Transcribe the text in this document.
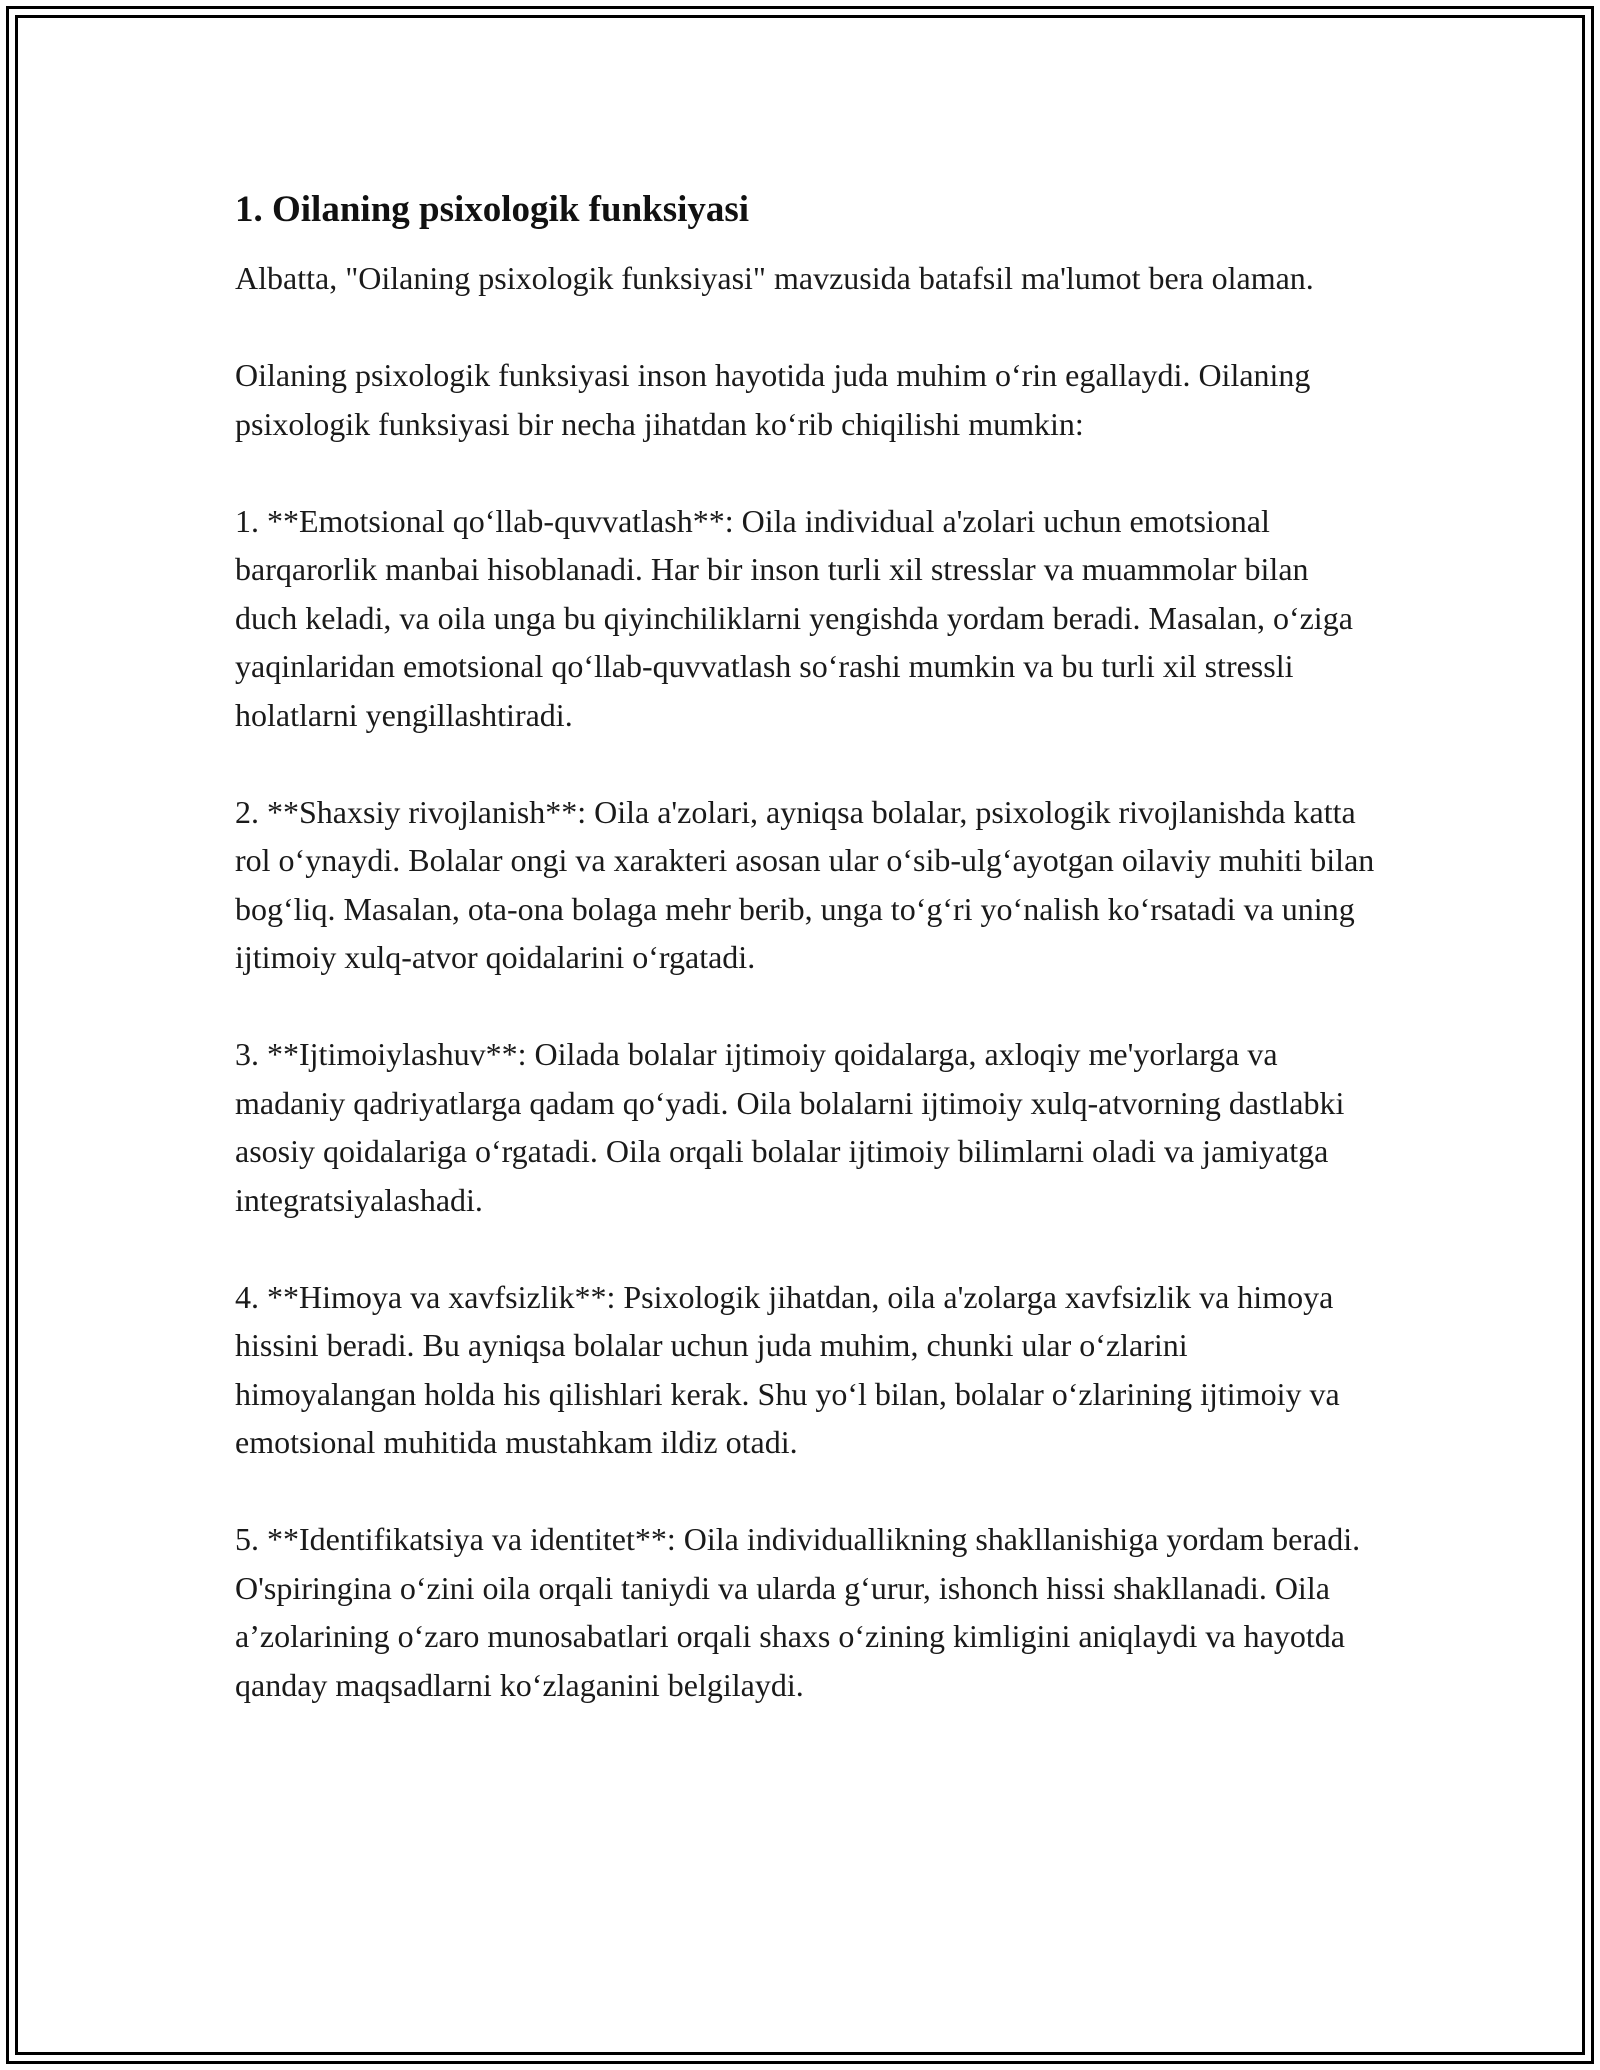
1. Oilaning psixologik funksiyasi

Albatta, "Oilaning psixologik funksiyasi" mavzusida batafsil ma'lumot bera olaman.

Oilaning psixologik funksiyasi inson hayotida juda muhim o‘rin egallaydi. Oilaning psixologik funksiyasi bir necha jihatdan ko‘rib chiqilishi mumkin:

1. **Emotsional qo‘llab-quvvatlash**: Oila individual a'zolari uchun emotsional barqarorlik manbai hisoblanadi. Har bir inson turli xil stresslar va muammolar bilan duch keladi, va oila unga bu qiyinchiliklarni yengishda yordam beradi. Masalan, o‘ziga yaqinlaridan emotsional qo‘llab-quvvatlash so‘rashi mumkin va bu turli xil stressli holatlarni yengillashtiradi.

2. **Shaxsiy rivojlanish**: Oila a'zolari, ayniqsa bolalar, psixologik rivojlanishda katta rol o‘ynaydi. Bolalar ongi va xarakteri asosan ular o‘sib-ulg‘ayotgan oilaviy muhiti bilan bog‘liq. Masalan, ota-ona bolaga mehr berib, unga to‘g‘ri yo‘nalish ko‘rsatadi va uning ijtimoiy xulq-atvor qoidalarini o‘rgatadi.

3. **Ijtimoiylashuv**: Oilada bolalar ijtimoiy qoidalarga, axloqiy me'yorlarga va madaniy qadriyatlarga qadam qo‘yadi. Oila bolalarni ijtimoiy xulq-atvorning dastlabki asosiy qoidalariga o‘rgatadi. Oila orqali bolalar ijtimoiy bilimlarni oladi va jamiyatga integratsiyalashadi.

4. **Himoya va xavfsizlik**: Psixologik jihatdan, oila a'zolarga xavfsizlik va himoya hissini beradi. Bu ayniqsa bolalar uchun juda muhim, chunki ular o‘zlarini himoyalangan holda his qilishlari kerak. Shu yo‘l bilan, bolalar o‘zlarining ijtimoiy va emotsional muhitida mustahkam ildiz otadi.

5. **Identifikatsiya va identitet**: Oila individuallikning shakllanishiga yordam beradi. O'spiringina o‘zini oila orqali taniydi va ularda g‘urur, ishonch hissi shakllanadi. Oila a’zolarining o‘zaro munosabatlari orqali shaxs o‘zining kimligini aniqlaydi va hayotda qanday maqsadlarni ko‘zlaganini belgilaydi.
